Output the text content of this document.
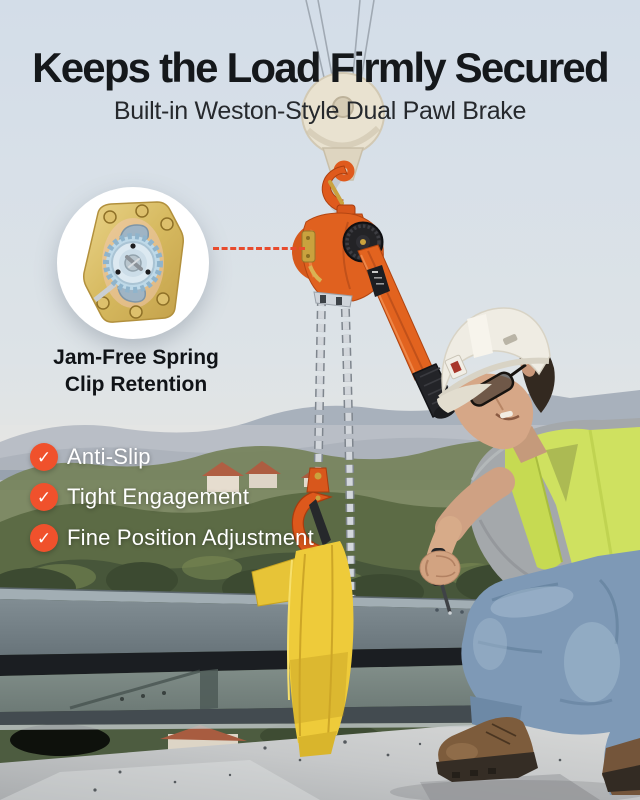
Keeps the Load Firmly Secured
Built-in Weston-Style Dual Pawl Brake
Jam-Free Spring
Clip Retention
✓ Anti-Slip
✓ Tight Engagement
✓ Fine Position Adjustment
